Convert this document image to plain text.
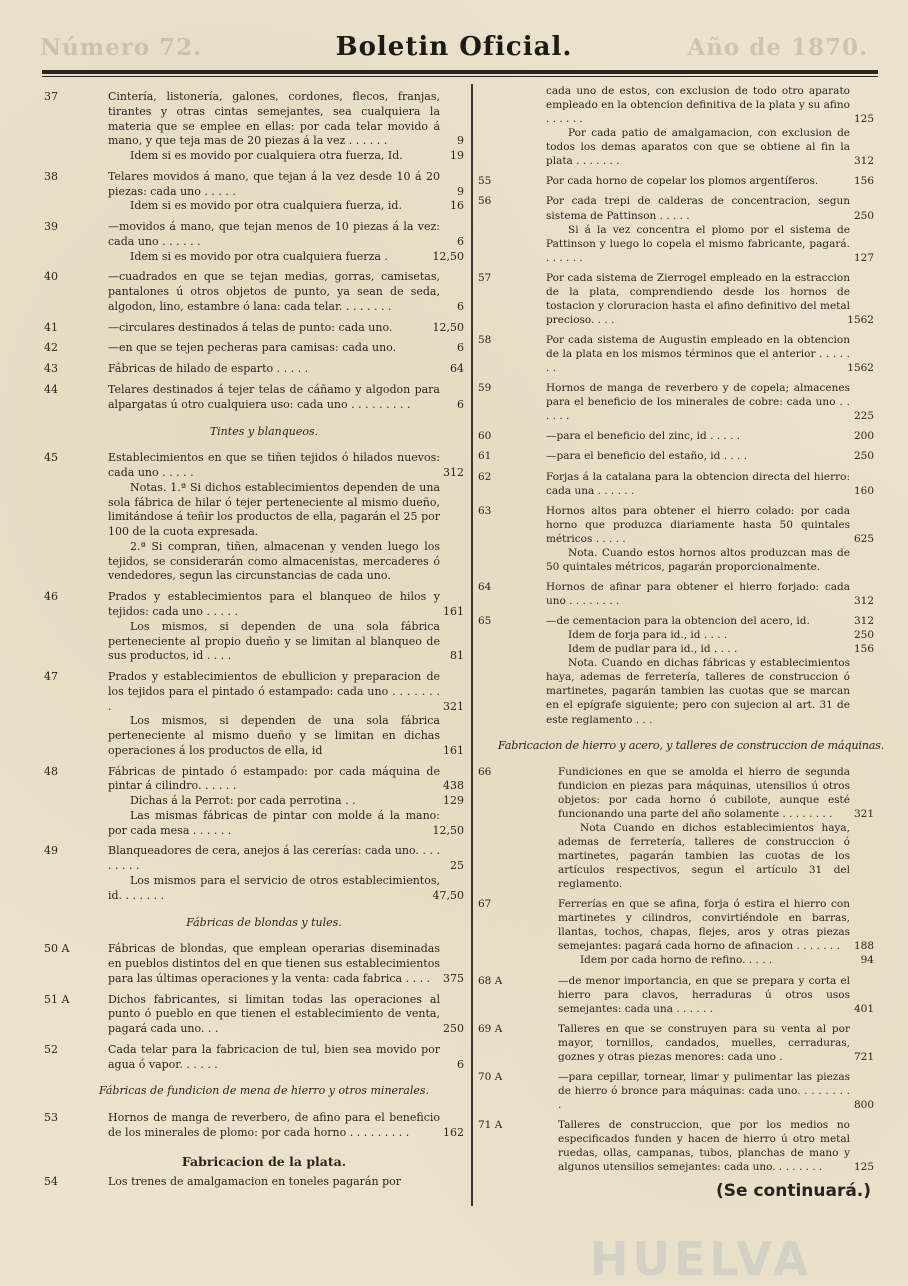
Número 72.	Boletin Oficial.	Año de 1870.
37	Cintería, listonería, galones, cordones, flecos, franjas, tirantes y otras cintas semejantes, sea cualquiera la materia que se emplee en ellas: por cada telar movido á mano, y que teja mas de 20 piezas á la vez . . . . . .	9
Idem si es movido por cualquiera otra fuerza, Id.	19
38	Telares movidos á mano, que tejan á la vez desde 10 á 20 piezas: cada uno . . . . .	9
Idem si es movido por otra cualquiera fuerza, id.	16
39	—movidos á mano, que tejan menos de 10 piezas á la vez: cada uno . . . . . .	6
Idem si es movido por otra cualquiera fuerza .	12,50
40	—cuadrados en que se tejan medias, gorras, camisetas, pantalones ú otros objetos de punto, ya sean de seda, algodon, lino, estambre ó lana: cada telar. . . . . . . .	6
41	—circulares destinados á telas de punto: cada uno.	12,50
42	—en que se tejen pecheras para camisas: cada uno.	6
43	Fábricas de hilado de esparto . . . . .	64
44	Telares destinados á tejer telas de cáñamo y algodon para alpargatas ú otro cualquiera uso: cada uno . . . . . . . . .	6
Tintes y blanqueos.
45	Establecimientos en que se tiñen tejidos ó hilados nuevos: cada uno . . . . .	312
Notas. 1.ª Si dichos establecimientos dependen de una sola fábrica de hilar ó tejer perteneciente al mismo dueño, limitándose á teñir los productos de ella, pagarán el 25 por 100 de la cuota expresada.
2.ª Si compran, tiñen, almacenan y venden luego los tejidos, se considerarán como almacenistas, mercaderes ó vendedores, segun las circunstancias de cada uno.
46	Prados y establecimientos para el blanqueo de hilos y tejidos: cada uno . . . . .	161
Los mismos, si dependen de una sola fábrica perteneciente al propio dueño y se limitan al blanqueo de sus productos, id . . . .	81
47	Prados y establecimientos de ebullicion y preparacion de los tejidos para el pintado ó estampado: cada uno . . . . . . . .	321
Los mismos, si dependen de una sola fábrica perteneciente al mismo dueño y se limitan en dichas operaciones á los productos de ella, id	161
48	Fábricas de pintado ó estampado: por cada máquina de pintar á cilindro. . . . . .	438
Dichas á la Perrot: por cada perrotina . .	129
Las mismas fábricas de pintar con molde á la mano: por cada mesa . . . . . .	12,50
49	Blanqueadores de cera, anejos á las cererías: cada uno. . . . . . . . .	25
Los mismos para el servicio de otros establecimientos, id. . . . . . .	47,50
Fábricas de blondas y tules.
50 A	Fábricas de blondas, que emplean operarias diseminadas en pueblos distintos del en que tienen sus establecimientos para las últimas operaciones y la venta: cada fabrica . . . .	375
51 A	Dichos fabricantes, si limitan todas las operaciones al punto ó pueblo en que tienen el establecimiento de venta, pagará cada uno. . .	250
52	Cada telar para la fabricacion de tul, bien sea movido por agua ó vapor. . . . . .	6
Fábricas de fundicion de mena de hierro y otros minerales.
53	Hornos de manga de reverbero, de afino para el beneficio de los minerales de plomo: por cada horno . . . . . . . . .	162
Fabricacion de la plata.
54	Los trenes de amalgamacion en toneles pagarán por
cada uno de estos, con exclusion de todo otro aparato empleado en la obtencion definitiva de la plata y su afino . . . . . .	125
Por cada patio de amalgamacion, con exclusion de todos los demas aparatos con que se obtiene al fin la plata . . . . . . .	312
55	Por cada horno de copelar los plomos argentíferos.	156
56	Por cada trepi de calderas de concentracion, segun sistema de Pattinson . . . . .	250
Si á la vez concentra el plomo por el sistema de Pattinson y luego lo copela el mismo fabricante, pagará. . . . . . .	127
57	Por cada sistema de Zierrogel empleado en la estraccion de la plata, comprendiendo desde los hornos de tostacion y cloruracion hasta el afino definitivo del metal precioso. . . .	1562
58	Por cada sistema de Augustin empleado en la obtencion de la plata en los mismos términos que el anterior . . . . . . .	1562
59	Hornos de manga de reverbero y de copela; almacenes para el beneficio de los minerales de cobre: cada uno . . . . . .	225
60	—para el beneficio del zinc, id . . . . .	200
61	—para el beneficio del estaño, id . . . .	250
62	Forjas á la catalana para la obtencion directa del hierro: cada una . . . . . .	160
63	Hornos altos para obtener el hierro colado: por cada horno que produzca diariamente hasta 50 quintales métricos . . . . .	625
Nota. Cuando estos hornos altos produzcan mas de 50 quintales métricos, pagarán proporcionalmente.
64	Hornos de afinar para obtener el hierro forjado: cada uno . . . . . . . .	312
65	—de cementacion para la obtencion del acero, id.	312
Idem de forja para id., id . . . .	250
Idem de pudlar para id., id . . . .	156
Nota. Cuando en dichas fábricas y establecimientos haya, ademas de ferretería, talleres de construccion ó martinetes, pagarán tambien las cuotas que se marcan en el epígrafe siguiente; pero con sujecion al art. 31 de este reglamento . . .
Fabricacion de hierro y acero, y talleres de construccion de máquinas.
66	Fundiciones en que se amolda el hierro de segunda fundicion en piezas para máquinas, utensilios ú otros objetos: por cada horno ó cubilote, aunque esté funcionando una parte del año solamente . . . . . . . .	321
Nota Cuando en dichos establecimientos haya, ademas de ferretería, talleres de construccion ó martinetes, pagarán tambien las cuotas de los artículos respectivos, segun el artículo 31 del reglamento.
67	Ferrerías en que se afina, forja ó estira el hierro con martinetes y cilindros, convirtiéndole en barras, llantas, tochos, chapas, flejes, aros y otras piezas semejantes: pagará cada horno de afinacion . . . . . . .	188
Idem por cada horno de refino. . . . .	94
68 A	—de menor importancia, en que se prepara y corta el hierro para clavos, herraduras ú otros usos semejantes: cada una . . . . . .	401
69 A	Talleres en que se construyen para su venta al por mayor, tornillos, candados, muelles, cerraduras, goznes y otras piezas menores: cada uno .	721
70 A	—para cepillar, tornear, limar y pulimentar las piezas de hierro ó bronce para máquinas: cada uno. . . . . . . . .	800
71 A	Talleres de construccion, que por los medios no especificados funden y hacen de hierro ú otro metal ruedas, ollas, campanas, tubos, planchas de mano y algunos utensilios semejantes: cada uno. . . . . . . .	125
(Se continuará.)
HUELVA
